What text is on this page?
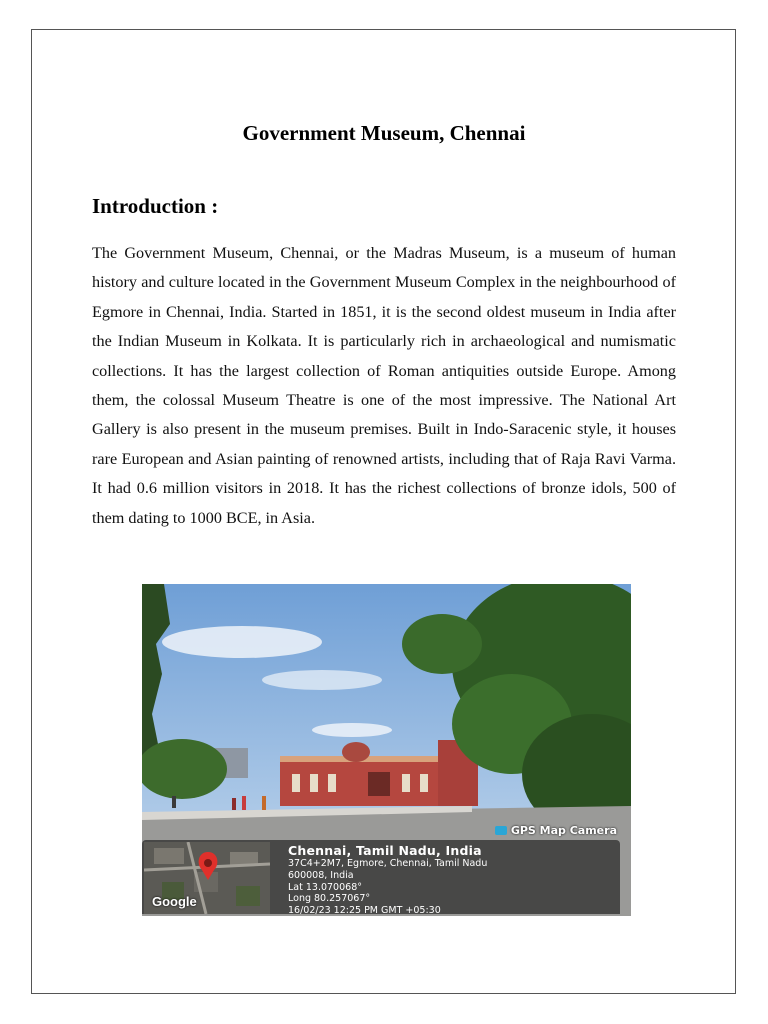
Government Museum, Chennai
Introduction :

The Government Museum, Chennai, or the Madras Museum, is a museum of human history and culture located in the Government Museum Complex in the neighbourhood of Egmore in Chennai, India. Started in 1851, it is the second oldest museum in India after the Indian Museum in Kolkata. It is particularly rich in archaeological and numismatic collections. It has the largest collection of Roman antiquities outside Europe. Among them, the colossal Museum Theatre is one of the most impressive. The National Art Gallery is also present in the museum premises. Built in Indo-Saracenic style, it houses rare European and Asian painting of renowned artists, including that of Raja Ravi Varma. It had 0.6 million visitors in 2018. It has the richest collections of bronze idols, 500 of them dating to 1000 BCE, in Asia.

GPS Map Camera
Google
Chennai, Tamil Nadu, India
37C4+2M7, Egmore, Chennai, Tamil Nadu
600008, India
Lat 13.070068°
Long 80.257067°
16/02/23 12:25 PM GMT +05:30
